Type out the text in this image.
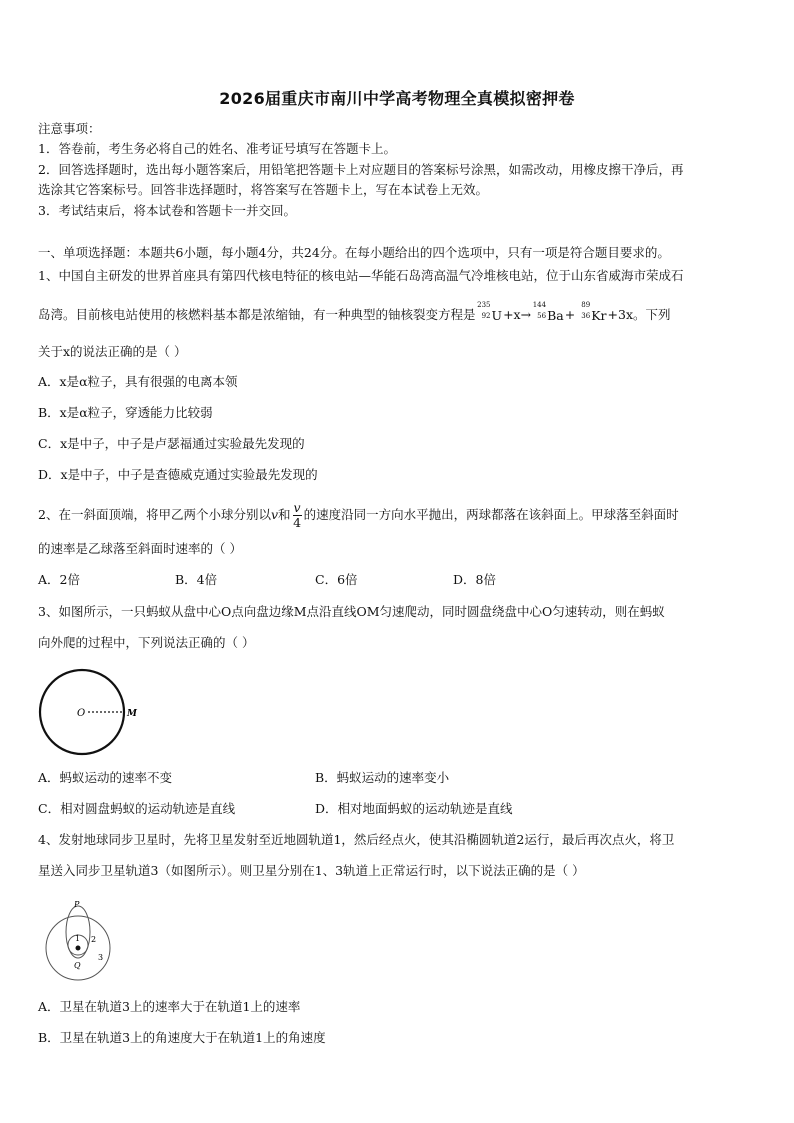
2026届重庆市南川中学高考物理全真模拟密押卷
注意事项：
1．答卷前，考生务必将自己的姓名、准考证号填写在答题卡上。
2．回答选择题时，选出每小题答案后，用铅笔把答题卡上对应题目的答案标号涂黑，如需改动，用橡皮擦干净后，再
选涂其它答案标号。回答非选择题时，将答案写在答题卡上，写在本试卷上无效。
3．考试结束后，将本试卷和答题卡一并交回。
一、单项选择题：本题共6小题，每小题4分，共24分。在每小题给出的四个选项中，只有一项是符合题目要求的。
1、中国自主研发的世界首座具有第四代核电特征的核电站—华能石岛湾高温气冷堆核电站，位于山东省威海市荣成石
岛湾。目前核电站使用的核燃料基本都是浓缩铀，有一种典型的铀核裂变方程是
235
92 U+x→
144
56 Ba+
89
36 Kr+3x。下列
关于x的说法正确的是（ ）
A．x是α粒子，具有很强的电离本领
B．x是α粒子，穿透能力比较弱
C．x是中子，中子是卢瑟福通过实验最先发现的
D．x是中子，中子是查德威克通过实验最先发现的
2、在一斜面顶端，将甲乙两个小球分别以v和 $\frac{v}{4}$ 的速度沿同一方向水平抛出，两球都落在该斜面上。甲球落至斜面时
的速率是乙球落至斜面时速率的（ ）
A．2倍	B．4倍	C．6倍	D．8倍
3、如图所示，一只蚂蚁从盘中心O点向盘边缘M点沿直线OM匀速爬动，同时圆盘绕盘中心O匀速转动，则在蚂蚁
向外爬的过程中，下列说法正确的（ ）
O	M
A．蚂蚁运动的速率不变	B．蚂蚁运动的速率变小
C．相对圆盘蚂蚁的运动轨迹是直线	D．相对地面蚂蚁的运动轨迹是直线
4、发射地球同步卫星时，先将卫星发射至近地圆轨道1，然后经点火，使其沿椭圆轨道2运行，最后再次点火，将卫
星送入同步卫星轨道3（如图所示）。则卫星分别在1、3轨道上正常运行时，以下说法正确的是（ ）
P
Q
1 2
3
A．卫星在轨道3上的速率大于在轨道1上的速率
B．卫星在轨道3上的角速度大于在轨道1上的角速度
